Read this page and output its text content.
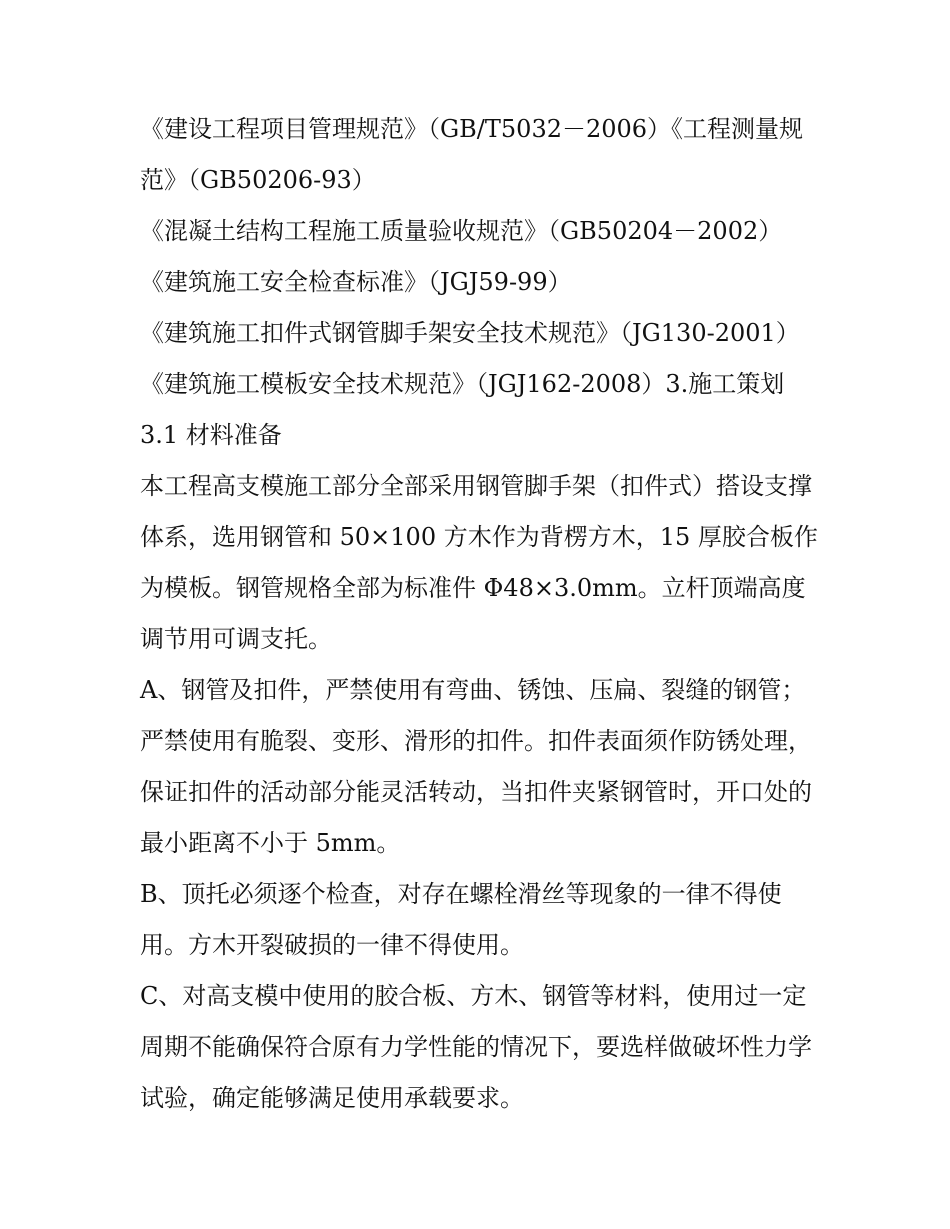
《建设工程项目管理规范》（GB/T5032－2006）《工程测量规范》（GB50206-93）

《混凝土结构工程施工质量验收规范》（GB50204－2002）

《建筑施工安全检查标准》（JGJ59-99）

《建筑施工扣件式钢管脚手架安全技术规范》（JG130-2001）

《建筑施工模板安全技术规范》（JGJ162-2008）3.施工策划 3.1 材料准备

本工程高支模施工部分全部采用钢管脚手架（扣件式）搭设支撑体系，选用钢管和 50×100 方木作为背楞方木，15 厚胶合板作为模板。钢管规格全部为标准件 Φ48×3.0mm。立杆顶端高度调节用可调支托。

A、钢管及扣件，严禁使用有弯曲、锈蚀、压扁、裂缝的钢管；严禁使用有脆裂、变形、滑形的扣件。扣件表面须作防锈处理，保证扣件的活动部分能灵活转动，当扣件夹紧钢管时，开口处的最小距离不小于 5mm。

B、顶托必须逐个检查，对存在螺栓滑丝等现象的一律不得使用。方木开裂破损的一律不得使用。

C、对高支模中使用的胶合板、方木、钢管等材料，使用过一定周期不能确保符合原有力学性能的情况下，要选样做破坏性力学试验，确定能够满足使用承载要求。
